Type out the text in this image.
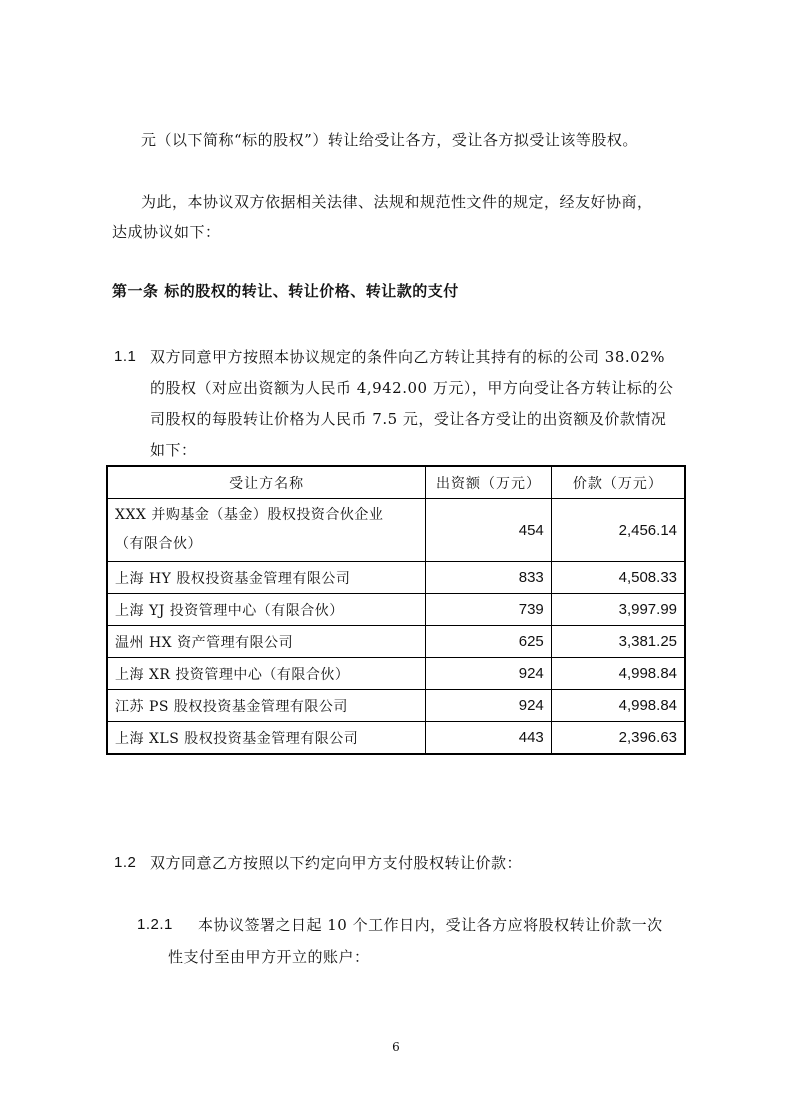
元（以下简称“标的股权”）转让给受让各方，受让各方拟受让该等股权。
为此，本协议双方依据相关法律、法规和规范性文件的规定，经友好协商，
达成协议如下：
第一条 标的股权的转让、转让价格、转让款的支付
1.1 双方同意甲方按照本协议规定的条件向乙方转让其持有的标的公司 38.02%
的股权（对应出资额为人民币 4,942.00 万元），甲方向受让各方转让标的公
司股权的每股转让价格为人民币 7.5 元，受让各方受让的出资额及价款情况
如下：
受让方名称	出资额（万元）	价款（万元）

XXX 并购基金（基金）股权投资合伙企业
（有限合伙）	454	2,456.14
上海 HY 股权投资基金管理有限公司	833	4,508.33
上海 YJ 投资管理中心（有限合伙）	739	3,997.99
温州 HX 资产管理有限公司	625	3,381.25
上海 XR 投资管理中心（有限合伙）	924	4,998.84
江苏 PS 股权投资基金管理有限公司	924	4,998.84
上海 XLS 股权投资基金管理有限公司	443	2,396.63
1.2 双方同意乙方按照以下约定向甲方支付股权转让价款：
1.2.1 本协议签署之日起 10 个工作日内，受让各方应将股权转让价款一次
性支付至由甲方开立的账户：
6
